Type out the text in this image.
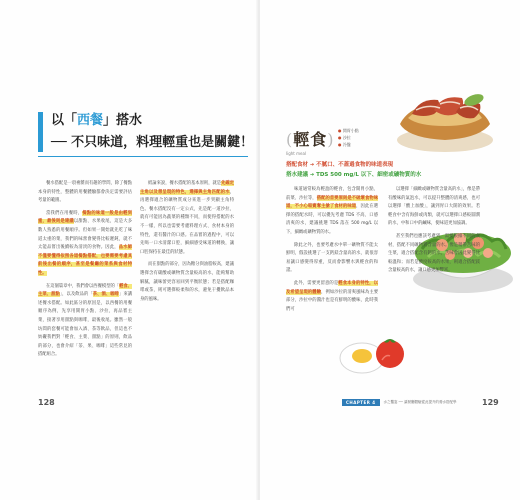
以「西餐」搭水
── 不只味道，料理輕重也是關鍵！

餐水搭配是一項複雜而有趣的學問，除了餐點本身的特性，整體的用餐體驗都會決定需要評估考量的範圍。

當我們在用餐時，餐點的味道一般是由輕到重，最後則是建議以甜點、水果收尾，這是大多數人熟悉的用餐順序。但如果一開始就先吃了味道太重的菜，我們的味蕾會變得比較遲鈍，就不太能品嘗出後續較為清淡的食物。因此，品水師不僅要懂得依照各道餐點搭配，也要需要考慮其前後出餐的順序，甚至是餐廳的菜系與食材特性。

在這個篇章中，我們會以西餐模型的「輕食、主菜、甜點」，以及飲品的「茶、酒、咖啡」來講述餐水搭配。如此區分的原因是，以西餐的用餐順序為例，先享用開胃小點、沙拉，再品嘗主菜，接著享用甜點與咖啡，最後收尾。雖然一般坊間的套餐可能會加入酒、茶等飲品，但這也不妨礙我們對「輕食、主菜、甜點」的原則，飲品的部分，也會介紹「茶、果、咖啡」這些常見的搭配組合。

紙論來說，餐水搭配的基本原則，就是先確定主角以及想呈現的特色，選擇與主角匹配的水，再選擇適合的礦物質成分來進一步突顯主角特色。餐水搭配沒有一定公式，先是配一道沙拉，就有可能因為蔬菜的種類不同，而使得搭配的水不一樣，所以也需要考慮料理方式、食材本身的特性，還有醬汁的口感。在品嘗的過程中，可以先喝一口水清潔口腔，細細感受味道的轉換，讓口腔保持在最佳的狀態。

而在甜點的部分，因為糖分與油脂較高，建議選擇含有碳酸或礦物質含量較高的水，能夠幫助解膩，讓味蕾更容易回到平衡狀態；若是搭配咖啡或茶，則可選擇較柔和的水，避免干擾飲品本身的風味。

128	129
(輕食)
light meal
● 開胃小點
● 沙拉
● 冷盤
搭配食材 ➔ 不膩口、不蓋過食物的味道表現
搭水建議 ➔ TDS 500 mg/L 以下、細密或礦物質的水

味道通常較為輕盈的輕食，包含開胃小點、前菜、沙拉等，搭配的首要原則是不破壞食物味道，不小心喧賓奪主搶了食材的味道，因此在選擇的搭配水時，可以優先考慮 TDS 不高、口感清爽的水，建議挑選 TDS 落在 500 mg/L 以下，細緻或礦物質的水。

除此之外，也要考慮水中單一礦物質不能太鮮明，假設挑選了一支鈣鎂含量高的水，就很容易讓口感變得厚重，反而會影響水與輕食的和諧。

此外，需要更留意的是輕食本身的特性，以及希望呈現的體驗，例如沙拉的清爽風味為主要部分，沙拉中的醬汁也是有鮮明的酸味，此時我們可

以選擇「細緻或礦物質含量高的水」，像是帶有酸味的氣泡水，可以提升整體的清爽感，也可以選擇「酸上加酸」，讓到胃口大開的效果。若輕食中含有海鮮或肉類，就可以選擇口感較圓潤的水，中和口中的鹹味，使味道更加協調。

甚至我們也應該考慮到，需要根據不同的食材，搭配不同礦物質含量的水。像是稍帶苦味的生菜，適合搭配含有鈣的水，苦味會因此變得比較溫和；而若是酸度較高的水果，則適合搭配鎂含量較高的水，讓口感更加豐富。

CHAPTER 4	水之饗宴 ── 讓餐廳體驗從此提升的餐水搭配學
